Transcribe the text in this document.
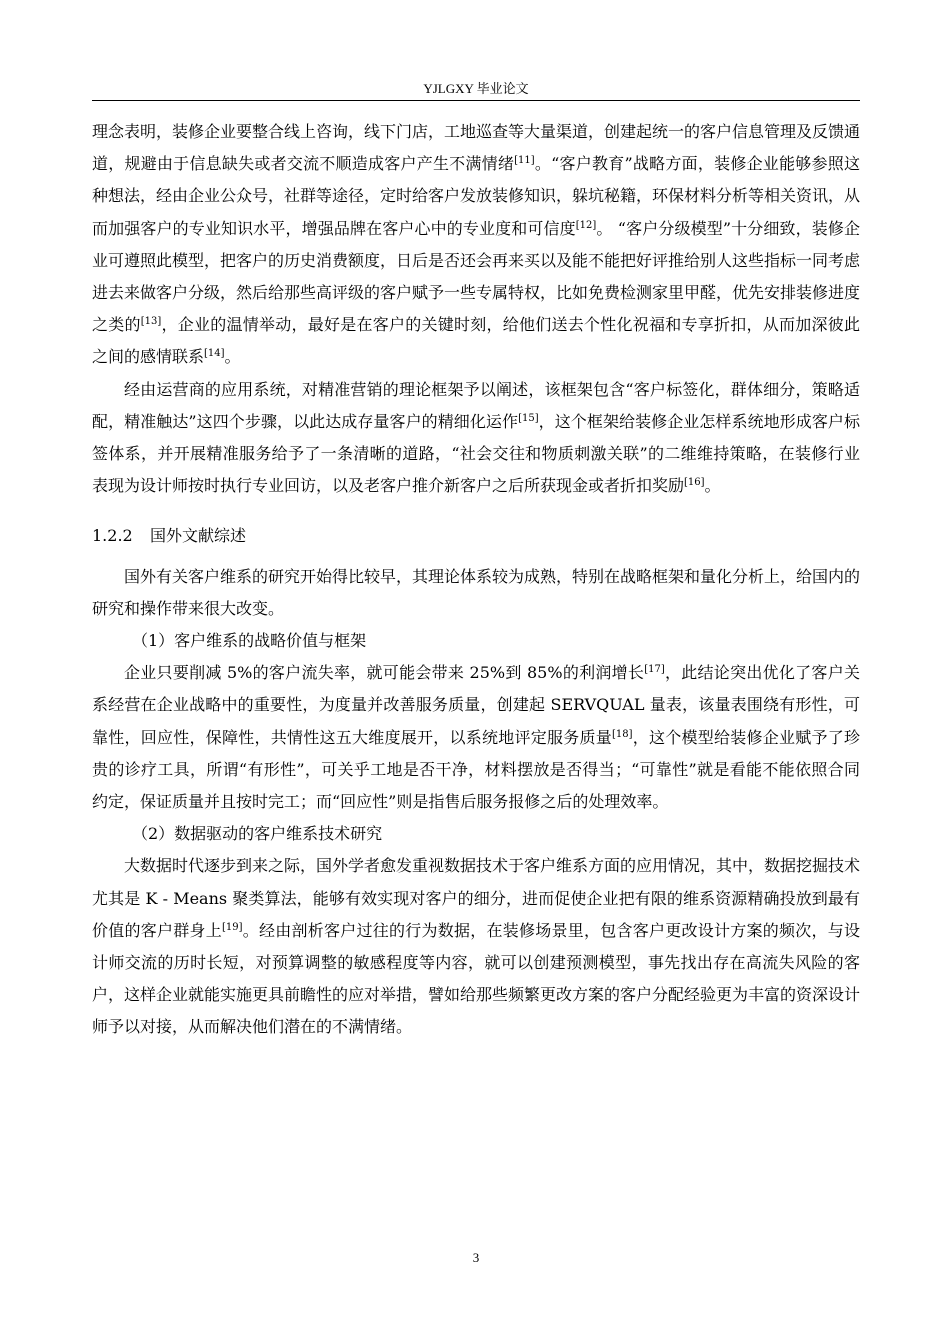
YJLGXY 毕业论文

理念表明，装修企业要整合线上咨询，线下门店，工地巡查等大量渠道，创建起统一的客户信息管理及反馈通道，规避由于信息缺失或者交流不顺造成客户产生不满情绪[11]。“客户教育”战略方面，装修企业能够参照这种想法，经由企业公众号，社群等途径，定时给客户发放装修知识，躲坑秘籍，环保材料分析等相关资讯，从而加强客户的专业知识水平，增强品牌在客户心中的专业度和可信度[12]。 “客户分级模型”十分细致，装修企业可遵照此模型，把客户的历史消费额度，日后是否还会再来买以及能不能把好评推给别人这些指标一同考虑进去来做客户分级，然后给那些高评级的客户赋予一些专属特权，比如免费检测家里甲醛，优先安排装修进度之类的[13]，企业的温情举动，最好是在客户的关键时刻，给他们送去个性化祝福和专享折扣，从而加深彼此之间的感情联系[14]。

经由运营商的应用系统，对精准营销的理论框架予以阐述，该框架包含“客户标签化，群体细分，策略适配，精准触达”这四个步骤，以此达成存量客户的精细化运作[15]，这个框架给装修企业怎样系统地形成客户标签体系，并开展精准服务给予了一条清晰的道路，“社会交往和物质刺激关联”的二维维持策略，在装修行业表现为设计师按时执行专业回访，以及老客户推介新客户之后所获现金或者折扣奖励[16]。

1.2.2 国外文献综述

国外有关客户维系的研究开始得比较早，其理论体系较为成熟，特别在战略框架和量化分析上，给国内的研究和操作带来很大改变。

（1）客户维系的战略价值与框架

企业只要削减 5%的客户流失率，就可能会带来 25%到 85%的利润增长[17]，此结论突出优化了客户关系经营在企业战略中的重要性，为度量并改善服务质量，创建起 SERVQUAL 量表，该量表围绕有形性，可靠性，回应性，保障性，共情性这五大维度展开，以系统地评定服务质量[18]，这个模型给装修企业赋予了珍贵的诊疗工具，所谓“有形性”，可关乎工地是否干净，材料摆放是否得当；“可靠性”就是看能不能依照合同约定，保证质量并且按时完工；而“回应性”则是指售后服务报修之后的处理效率。

（2）数据驱动的客户维系技术研究

大数据时代逐步到来之际，国外学者愈发重视数据技术于客户维系方面的应用情况，其中，数据挖掘技术尤其是 K - Means 聚类算法，能够有效实现对客户的细分，进而促使企业把有限的维系资源精确投放到最有价值的客户群身上[19]。经由剖析客户过往的行为数据，在装修场景里，包含客户更改设计方案的频次，与设计师交流的历时长短，对预算调整的敏感程度等内容，就可以创建预测模型，事先找出存在高流失风险的客户，这样企业就能实施更具前瞻性的应对举措，譬如给那些频繁更改方案的客户分配经验更为丰富的资深设计师予以对接，从而解决他们潜在的不满情绪。

3
